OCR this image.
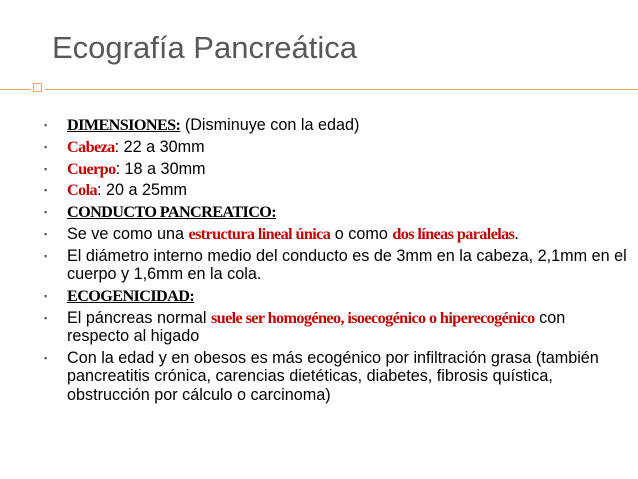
Ecografía Pancreática
▪ DIMENSIONES: (Disminuye con la edad)
▪ Cabeza: 22 a 30mm
▪ Cuerpo: 18 a 30mm
▪ Cola: 20 a 25mm
▪ CONDUCTO PANCREATICO:
▪ Se ve como una estructura lineal única o como dos líneas paralelas.
▪ El diámetro interno medio del conducto es de 3mm en la cabeza, 2,1mm en el cuerpo y 1,6mm en la cola.
▪ ECOGENICIDAD:
▪ El páncreas normal suele ser homogéneo, isoecogénico o hiperecogénico con respecto al higado
▪ Con la edad y en obesos es más ecogénico por infiltración grasa (también pancreatitis crónica, carencias dietéticas, diabetes, fibrosis quística, obstrucción por cálculo o carcinoma)
